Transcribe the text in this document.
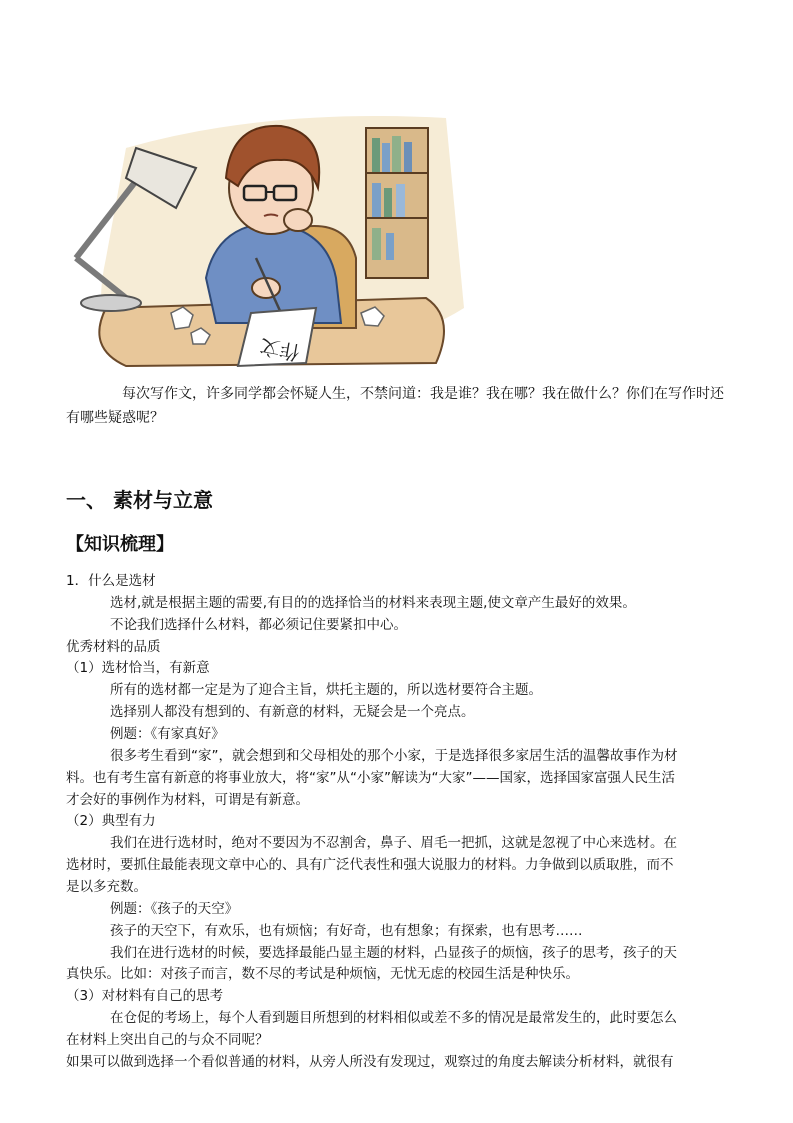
作文

每次写作文，许多同学都会怀疑人生，不禁问道：我是谁？我在哪？我在做什么？你们在写作时还有哪些疑惑呢？

一、 素材与立意
【知识梳理】

1．什么是选材

选材,就是根据主题的需要,有目的的选择恰当的材料来表现主题,使文章产生最好的效果。

不论我们选择什么材料，都必须记住要紧扣中心。

优秀材料的品质

（1）选材恰当，有新意

所有的选材都一定是为了迎合主旨，烘托主题的，所以选材要符合主题。

选择别人都没有想到的、有新意的材料，无疑会是一个亮点。

例题：《有家真好》

很多考生看到“家”，就会想到和父母相处的那个小家，于是选择很多家居生活的温馨故事作为材

料。也有考生富有新意的将事业放大，将“家”从“小家”解读为“大家”——国家，选择国家富强人民生活

才会好的事例作为材料，可谓是有新意。

（2）典型有力

我们在进行选材时，绝对不要因为不忍割舍，鼻子、眉毛一把抓，这就是忽视了中心来选材。在

选材时，要抓住最能表现文章中心的、具有广泛代表性和强大说服力的材料。力争做到以质取胜，而不

是以多充数。

例题：《孩子的天空》

孩子的天空下，有欢乐，也有烦恼；有好奇，也有想象；有探索，也有思考……

我们在进行选材的时候，要选择最能凸显主题的材料，凸显孩子的烦恼，孩子的思考，孩子的天

真快乐。比如：对孩子而言，数不尽的考试是种烦恼，无忧无虑的校园生活是种快乐。

（3）对材料有自己的思考

在仓促的考场上，每个人看到题目所想到的材料相似或差不多的情况是最常发生的，此时要怎么

在材料上突出自己的与众不同呢？

如果可以做到选择一个看似普通的材料，从旁人所没有发现过，观察过的角度去解读分析材料，就很有
